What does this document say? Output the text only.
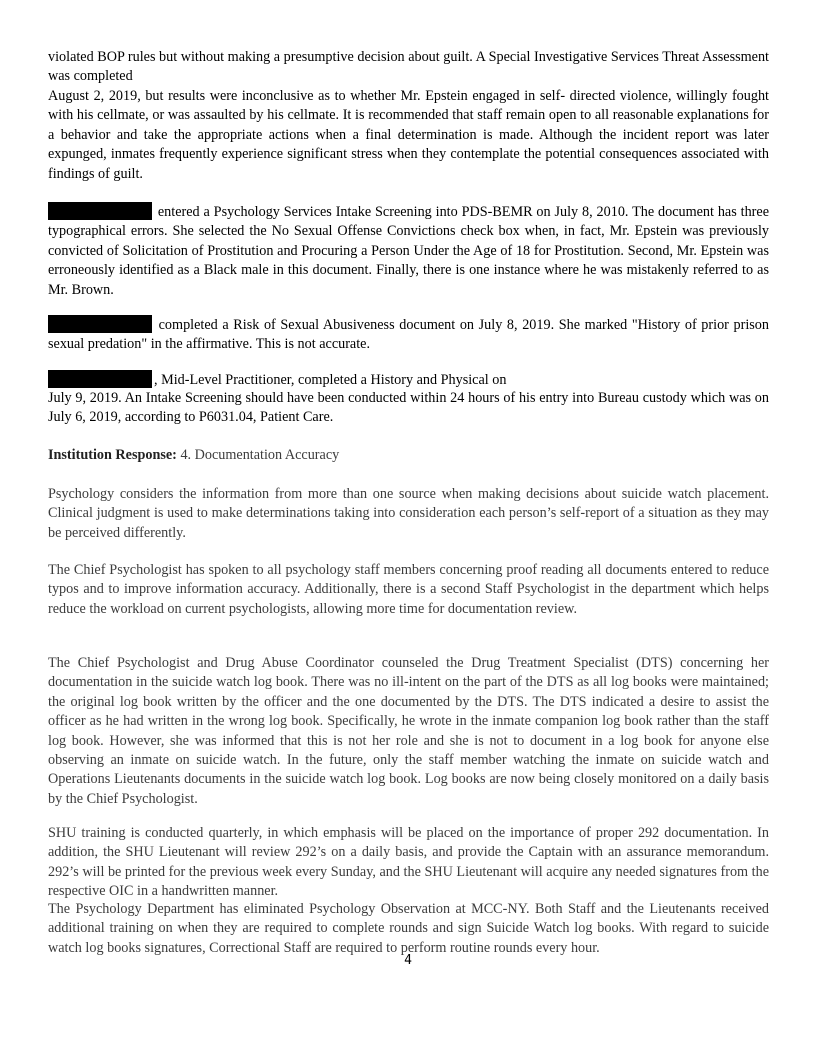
violated BOP rules but without making a presumptive decision about guilt. A Special Investigative Services Threat Assessment was completed

August 2, 2019, but results were inconclusive as to whether Mr. Epstein engaged in self- directed violence, willingly fought with his cellmate, or was assaulted by his cellmate. It is recommended that staff remain open to all reasonable explanations for a behavior and take the appropriate actions when a final determination is made. Although the incident report was later expunged, inmates frequently experience significant stress when they contemplate the potential consequences associated with findings of guilt.

entered a Psychology Services Intake Screening into PDS-BEMR on July 8, 2010. The document has three typographical errors. She selected the No Sexual Offense Convictions check box when, in fact, Mr. Epstein was previously convicted of Solicitation of Prostitution and Procuring a Person Under the Age of 18 for Prostitution. Second, Mr. Epstein was erroneously identified as a Black male in this document. Finally, there is one instance where he was mistakenly referred to as Mr. Brown.

completed a Risk of Sexual Abusiveness document on July 8, 2019. She marked "History of prior prison sexual predation" in the affirmative. This is not accurate.

, Mid-Level Practitioner, completed a History and Physical on

July 9, 2019. An Intake Screening should have been conducted within 24 hours of his entry into Bureau custody which was on July 6, 2019, according to P6031.04, Patient Care.

Institution Response: 4. Documentation Accuracy

Psychology considers the information from more than one source when making decisions about suicide watch placement. Clinical judgment is used to make determinations taking into consideration each person’s self-report of a situation as they may be perceived differently.

The Chief Psychologist has spoken to all psychology staff members concerning proof reading all documents entered to reduce typos and to improve information accuracy. Additionally, there is a second Staff Psychologist in the department which helps reduce the workload on current psychologists, allowing more time for documentation review.

The Chief Psychologist and Drug Abuse Coordinator counseled the Drug Treatment Specialist (DTS) concerning her documentation in the suicide watch log book. There was no ill-intent on the part of the DTS as all log books were maintained; the original log book written by the officer and the one documented by the DTS. The DTS indicated a desire to assist the officer as he had written in the wrong log book. Specifically, he wrote in the inmate companion log book rather than the staff log book. However, she was informed that this is not her role and she is not to document in a log book for anyone else observing an inmate on suicide watch. In the future, only the staff member watching the inmate on suicide watch and Operations Lieutenants documents in the suicide watch log book. Log books are now being closely monitored on a daily basis by the Chief Psychologist.

SHU training is conducted quarterly, in which emphasis will be placed on the importance of proper 292 documentation. In addition, the SHU Lieutenant will review 292’s on a daily basis, and provide the Captain with an assurance memorandum. 292’s will be printed for the previous week every Sunday, and the SHU Lieutenant will acquire any needed signatures from the respective OIC in a handwritten manner.

The Psychology Department has eliminated Psychology Observation at MCC-NY. Both Staff and the Lieutenants received additional training on when they are required to complete rounds and sign Suicide Watch log books. With regard to suicide watch log books signatures, Correctional Staff are required to perform routine rounds every hour.

4
